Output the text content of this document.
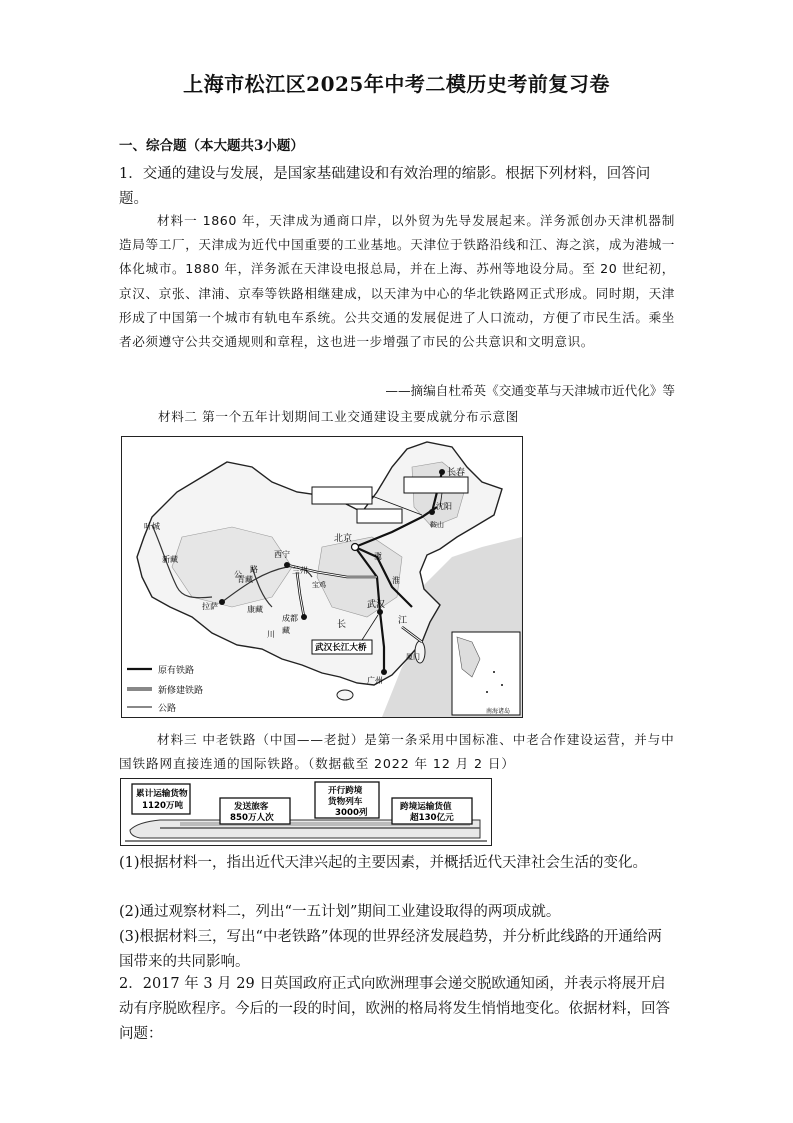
上海市松江区2025年中考二模历史考前复习卷
一、综合题（本大题共3小题）
1．交通的建设与发展，是国家基础建设和有效治理的缩影。根据下列材料，回答问题。
材料一 1860 年，天津成为通商口岸，以外贸为先导发展起来。洋务派创办天津机器制造局等工厂，天津成为近代中国重要的工业基地。天津位于铁路沿线和江、海之滨，成为港城一体化城市。1880 年，洋务派在天津设电报总局，并在上海、苏州等地设分局。至 20 世纪初，京汉、京张、津浦、京奉等铁路相继建成，以天津为中心的华北铁路网正式形成。同时期，天津形成了中国第一个城市有轨电车系统。公共交通的发展促进了人口流动，方便了市民生活。乘坐者必须遵守公共交通规则和章程，这也进一步增强了市民的公共意识和文明意识。
——摘编自杜希英《交通变革与天津城市近代化》等
材料二 第一个五年计划期间工业交通建设主要成就分布示意图
北京
沈阳
长春
鞍山
西宁
兰州
宝鸡
成都
拉萨	武汉
广州
叶城
新藏
康藏
青藏
川 藏
公
路
长	江
淮
冀
厦门
武汉长江大桥
原有铁路
新修建铁路
公路	南海诸岛
材料三 中老铁路（中国——老挝）是第一条采用中国标准、中老合作建设运营，并与中国铁路网直接连通的国际铁路。（数据截至 2022 年 12 月 2 日）
累计运输货物
1120万吨	发送旅客
850万人次
开行跨境
货物列车
3000列
跨境运输货值
超130亿元
(1)根据材料一，指出近代天津兴起的主要因素，并概括近代天津社会生活的变化。
(2)通过观察材料二，列出“一五计划”期间工业建设取得的两项成就。
(3)根据材料三，写出“中老铁路”体现的世界经济发展趋势，并分析此线路的开通给两国带来的共同影响。
2．2017 年 3 月 29 日英国政府正式向欧洲理事会递交脱欧通知函，并表示将展开启动有序脱欧程序。今后的一段的时间，欧洲的格局将发生悄悄地变化。依据材料，回答问题：
